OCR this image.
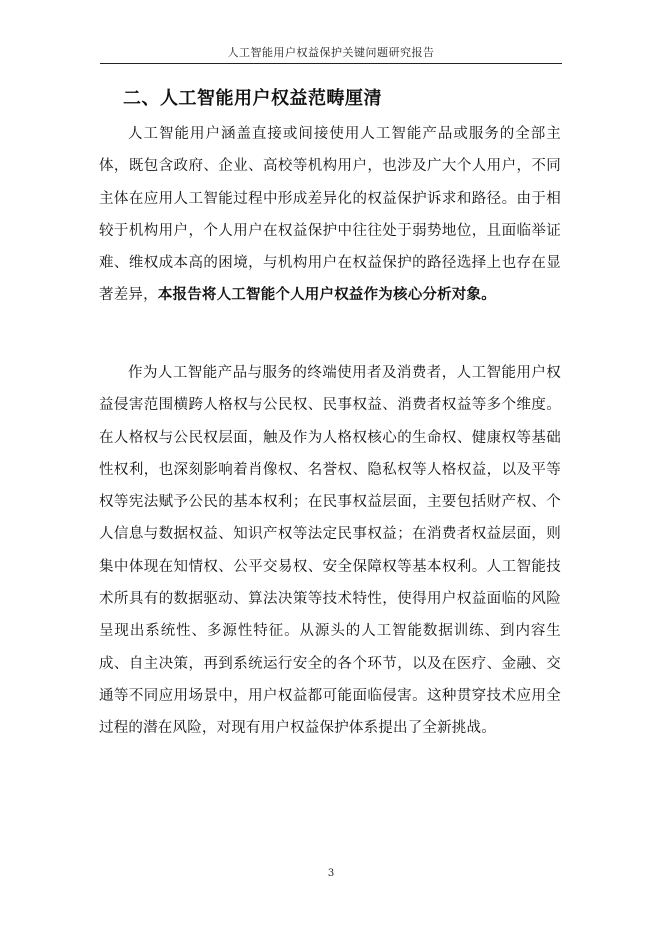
人工智能用户权益保护关键问题研究报告
二、人工智能用户权益范畴厘清

人工智能用户涵盖直接或间接使用人工智能产品或服务的全部主体，既包含政府、企业、高校等机构用户，也涉及广大个人用户，不同主体在应用人工智能过程中形成差异化的权益保护诉求和路径。由于相较于机构用户，个人用户在权益保护中往往处于弱势地位，且面临举证难、维权成本高的困境，与机构用户在权益保护的路径选择上也存在显著差异，本报告将人工智能个人用户权益作为核心分析对象。

作为人工智能产品与服务的终端使用者及消费者，人工智能用户权益侵害范围横跨人格权与公民权、民事权益、消费者权益等多个维度。在人格权与公民权层面，触及作为人格权核心的生命权、健康权等基础性权利，也深刻影响着肖像权、名誉权、隐私权等人格权益，以及平等权等宪法赋予公民的基本权利；在民事权益层面，主要包括财产权、个人信息与数据权益、知识产权等法定民事权益；在消费者权益层面，则集中体现在知情权、公平交易权、安全保障权等基本权利。人工智能技术所具有的数据驱动、算法决策等技术特性，使得用户权益面临的风险呈现出系统性、多源性特征。从源头的人工智能数据训练、到内容生成、自主决策，再到系统运行安全的各个环节，以及在医疗、金融、交通等不同应用场景中，用户权益都可能面临侵害。这种贯穿技术应用全过程的潜在风险，对现有用户权益保护体系提出了全新挑战。

3
